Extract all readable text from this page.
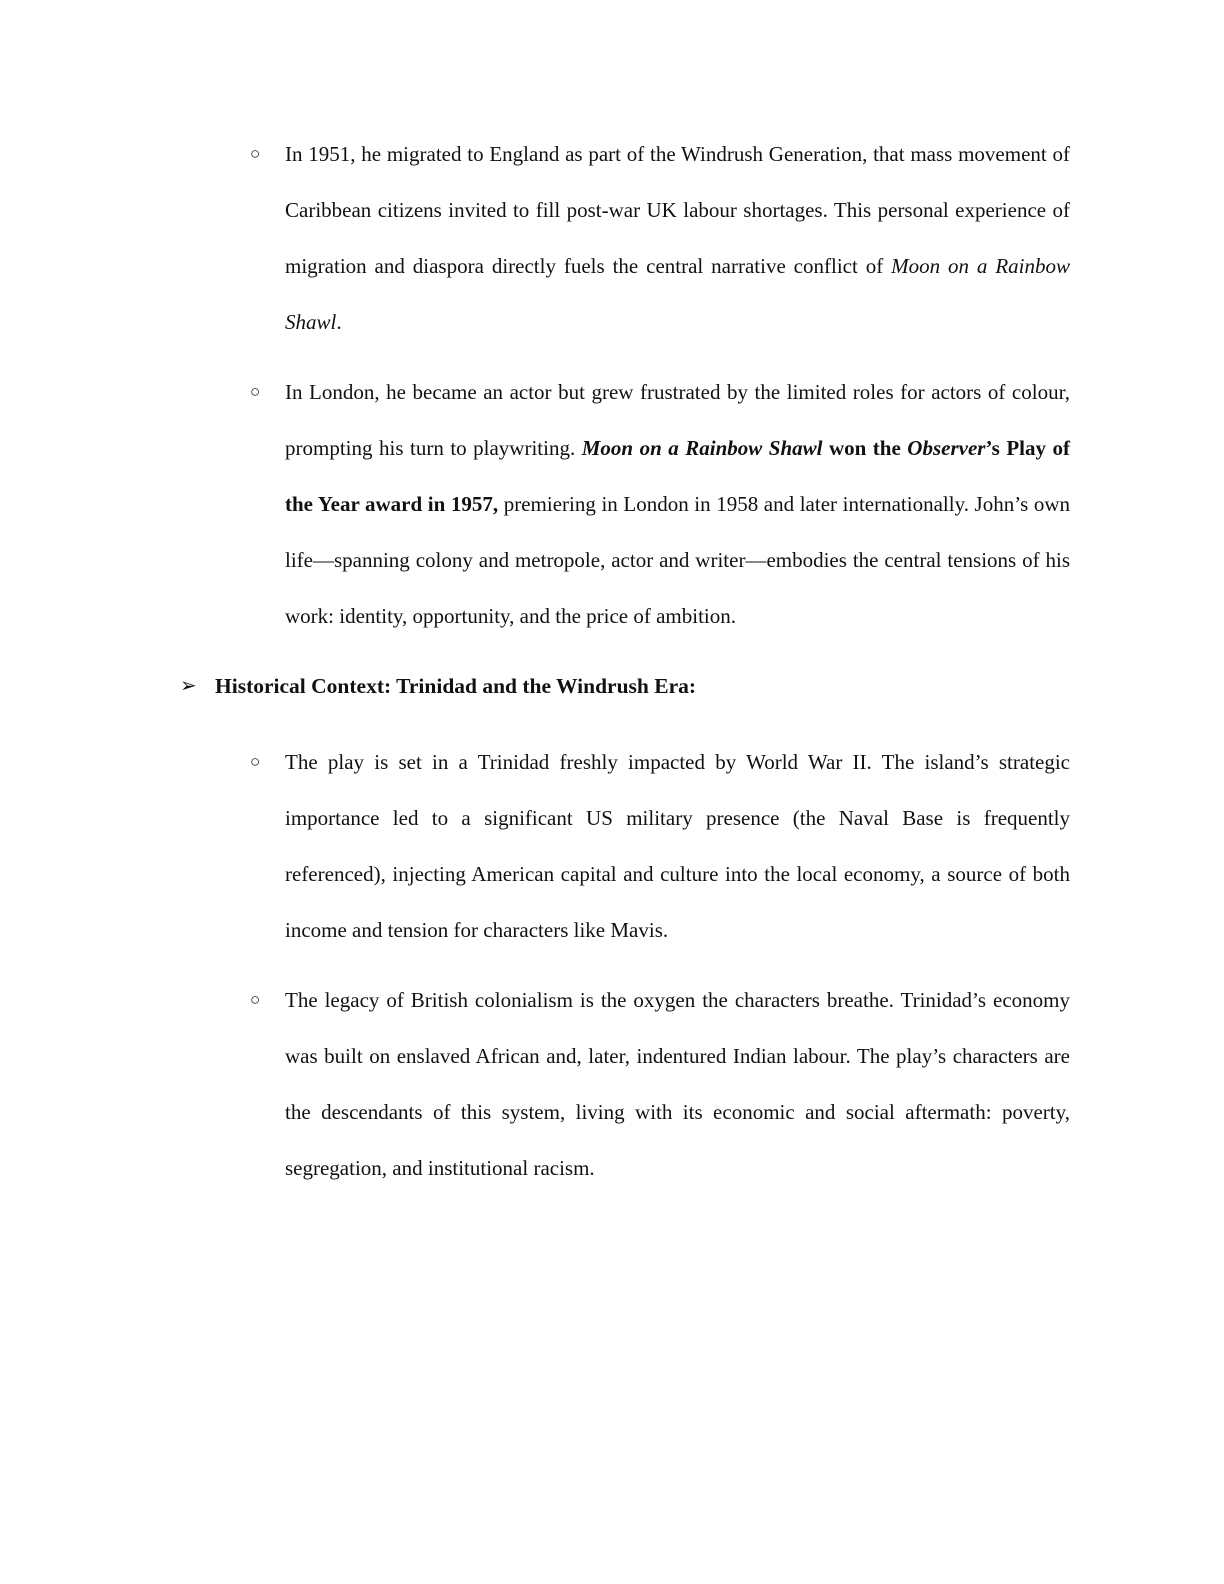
○	In 1951, he migrated to England as part of the Windrush Generation, that mass movement of Caribbean citizens invited to fill post-war UK labour shortages. This personal experience of migration and diaspora directly fuels the central narrative conflict of Moon on a Rainbow Shawl.

○	In London, he became an actor but grew frustrated by the limited roles for actors of colour, prompting his turn to playwriting. Moon on a Rainbow Shawl won the Observer’s Play of the Year award in 1957, premiering in London in 1958 and later internationally. John’s own life—spanning colony and metropole, actor and writer—embodies the central tensions of his work: identity, opportunity, and the price of ambition.

➢ Historical Context: Trinidad and the Windrush Era:
○	The play is set in a Trinidad freshly impacted by World War II. The island’s strategic importance led to a significant US military presence (the Naval Base is frequently referenced), injecting American capital and culture into the local economy, a source of both income and tension for characters like Mavis.

○	The legacy of British colonialism is the oxygen the characters breathe. Trinidad’s economy was built on enslaved African and, later, indentured Indian labour. The play’s characters are the descendants of this system, living with its economic and social aftermath: poverty, segregation, and institutional racism.
